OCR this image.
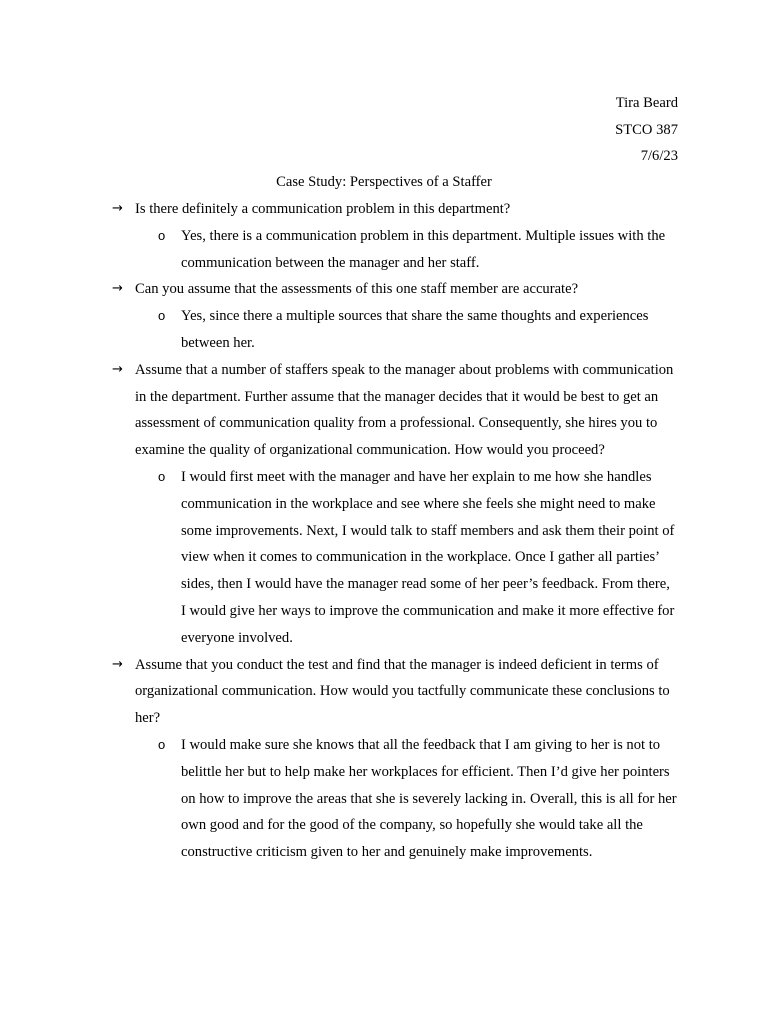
Tira Beard
STCO 387
7/6/23
Case Study: Perspectives of a Staffer
→ Is there definitely a communication problem in this department?
o Yes, there is a communication problem in this department. Multiple issues with the communication between the manager and her staff.
→ Can you assume that the assessments of this one staff member are accurate?
o Yes, since there a multiple sources that share the same thoughts and experiences between her.
→ Assume that a number of staffers speak to the manager about problems with communication in the department. Further assume that the manager decides that it would be best to get an assessment of communication quality from a professional. Consequently, she hires you to examine the quality of organizational communication. How would you proceed?
o I would first meet with the manager and have her explain to me how she handles communication in the workplace and see where she feels she might need to make some improvements. Next, I would talk to staff members and ask them their point of view when it comes to communication in the workplace. Once I gather all parties’ sides, then I would have the manager read some of her peer’s feedback. From there, I would give her ways to improve the communication and make it more effective for everyone involved.
→ Assume that you conduct the test and find that the manager is indeed deficient in terms of organizational communication. How would you tactfully communicate these conclusions to her?
o I would make sure she knows that all the feedback that I am giving to her is not to belittle her but to help make her workplaces for efficient. Then I’d give her pointers on how to improve the areas that she is severely lacking in. Overall, this is all for her own good and for the good of the company, so hopefully she would take all the constructive criticism given to her and genuinely make improvements.
